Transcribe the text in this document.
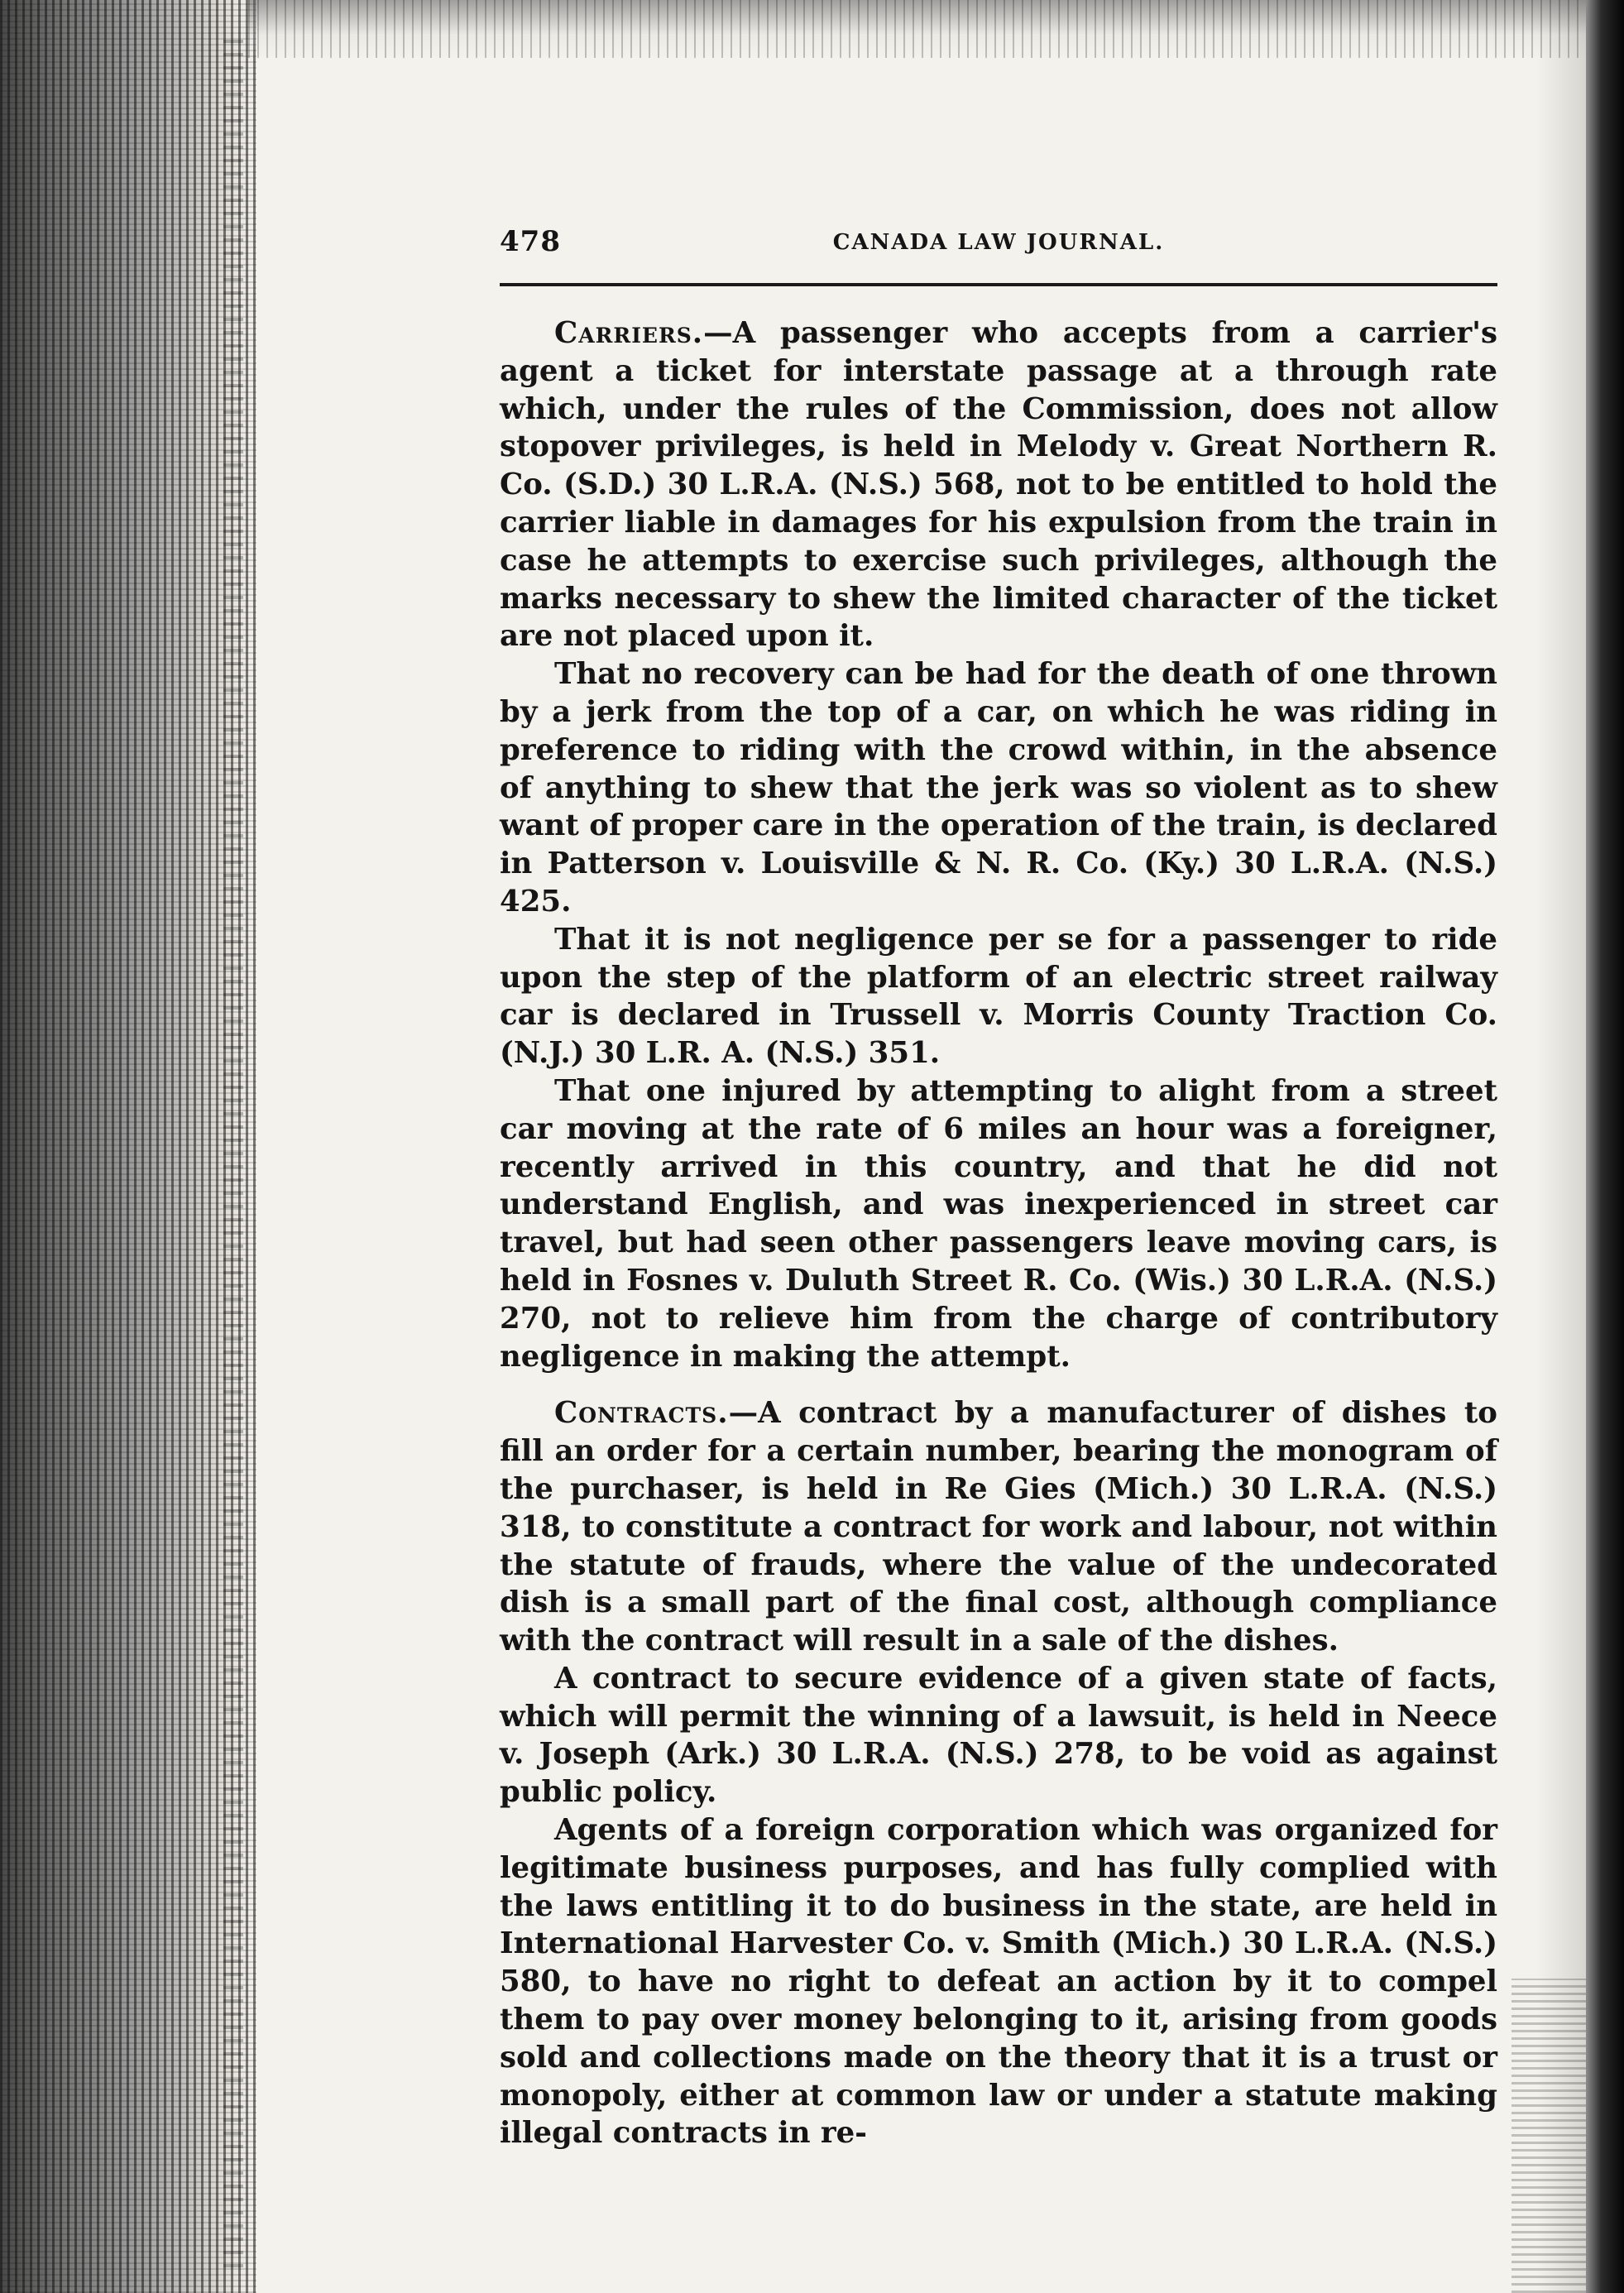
478	CANADA LAW JOURNAL.

Carriers.—A passenger who accepts from a carrier's agent a ticket for interstate passage at a through rate which, under the rules of the Commission, does not allow stopover privileges, is held in Melody v. Great Northern R. Co. (S.D.) 30 L.R.A. (N.S.) 568, not to be entitled to hold the carrier liable in damages for his expulsion from the train in case he attempts to exercise such privileges, although the marks necessary to shew the limited character of the ticket are not placed upon it.

That no recovery can be had for the death of one thrown by a jerk from the top of a car, on which he was riding in preference to riding with the crowd within, in the absence of anything to shew that the jerk was so violent as to shew want of proper care in the operation of the train, is declared in Patterson v. Louisville & N. R. Co. (Ky.) 30 L.R.A. (N.S.) 425.

That it is not negligence per se for a passenger to ride upon the step of the platform of an electric street railway car is declared in Trussell v. Morris County Traction Co. (N.J.) 30 L.R. A. (N.S.) 351.

That one injured by attempting to alight from a street car moving at the rate of 6 miles an hour was a foreigner, recently arrived in this country, and that he did not understand English, and was inexperienced in street car travel, but had seen other passengers leave moving cars, is held in Fosnes v. Duluth Street R. Co. (Wis.) 30 L.R.A. (N.S.) 270, not to relieve him from the charge of contributory negligence in making the attempt.

Contracts.—A contract by a manufacturer of dishes to fill an order for a certain number, bearing the monogram of the purchaser, is held in Re Gies (Mich.) 30 L.R.A. (N.S.) 318, to constitute a contract for work and labour, not within the statute of frauds, where the value of the undecorated dish is a small part of the final cost, although compliance with the contract will result in a sale of the dishes.

A contract to secure evidence of a given state of facts, which will permit the winning of a lawsuit, is held in Neece v. Joseph (Ark.) 30 L.R.A. (N.S.) 278, to be void as against public policy.

Agents of a foreign corporation which was organized for legitimate business purposes, and has fully complied with the laws entitling it to do business in the state, are held in International Harvester Co. v. Smith (Mich.) 30 L.R.A. (N.S.) 580, to have no right to defeat an action by it to compel them to pay over money belonging to it, arising from goods sold and collections made on the theory that it is a trust or monopoly, either at common law or under a statute making illegal contracts in re-
